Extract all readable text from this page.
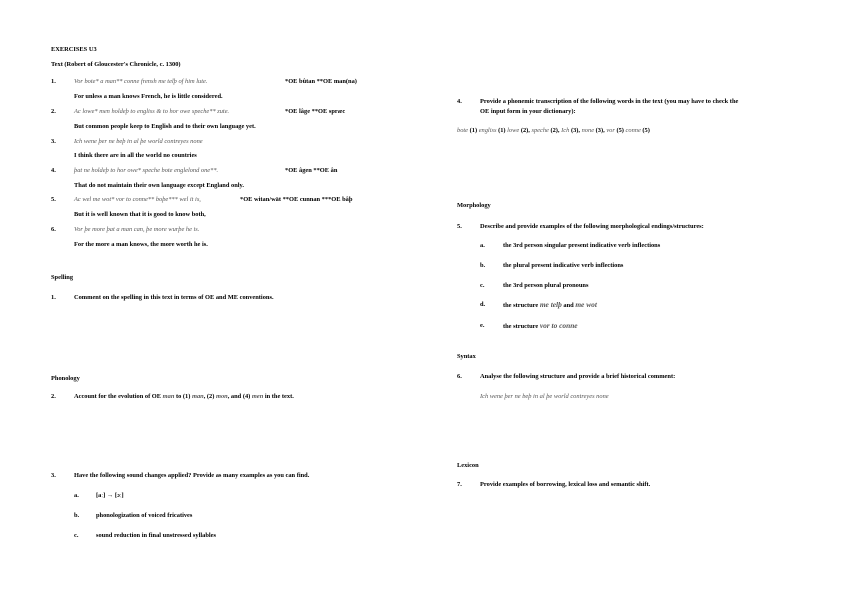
EXERCISES U3
Text (Robert of Gloucester's Chronicle, c. 1300)
1.	Vor bote* a man** conne frensh me telþ of him lute.	*OE bûtan **OE man(na)
For unless a man knows French, he is little considered.
2.	Ac lowe* men holdeþ to engliss & to hor owe speche** zute.	*OE lâge **OE spræc
But common people keep to English and to their own language yet.
3.	Ich wene þer ne beþ in al þe world contreyes none
I think there are in all the world no countries
4.	þat ne holdeþ to hor owe* speche bote englelond one**.	*OE âgen **OE ân
That do not maintain their own language except England only.
5.	Ac wel me wot* vor to conne** boþe*** wel it is,	*OE witan/wät **OE cunnan ***OE bâþ
But it is well known that it is good to know both,
6.	Vor þe more þat a man can, þe more wurþe he is.
For the more a man knows, the more worth he is.
Spelling
1.	Comment on the spelling in this text in terms of OE and ME conventions.
Phonology
2.	Account for the evolution of OE man to (1) man, (2) mon, and (4) men in the text.
3.	Have the following sound changes applied? Provide as many examples as you can find.
a.	[aː] → [ɔː]
b.	phonologization of voiced fricatives
c.	sound reduction in final unstressed syllables
4.	Provide a phonemic transcription of the following words in the text (you may have to check the
OE input form in your dictionary):
bote (1) engliss (1) lowe (2), speche (2), Ich (3), none (3), vor (5) conne (5)
Morphology
5.	Describe and provide examples of the following morphological endings/structures:
a.	the 3rd person singular present indicative verb inflections
b.	the plural present indicative verb inflections
c.	the 3rd person plural pronouns
d.	the structure me telþ and me wot
e.	the structure vor to conne
Syntax
6.	Analyse the following structure and provide a brief historical comment:
Ich wene þer ne beþ in al þe world contreyes none
Lexicon
7.	Provide examples of borrowing, lexical loss and semantic shift.
